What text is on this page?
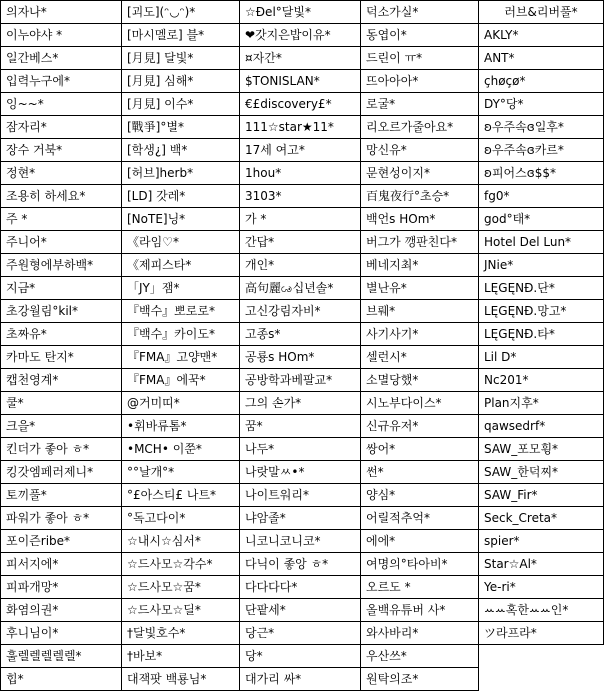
의자나*	[괴도](ᵔ◡ᵔ)*	☆Ðel°달빛*	덕소가실*	러브&리버풀*
이누야샤 *	[마시멜로] 블*	❤갓지은밥이유*	동엽이*	AKLY*
일간베스*	[月見] 달빛*	¤자간*	드린이 ㅠ*	ANT*
입력누구에*	[月見] 심해*	$TONISLAN*	뜨아아아*	çhøçø*
잉~~*	[月見] 이수*	€£discovery£*	로굴*	DY°당*
잠자리*	[戰爭]°별*	111☆star★11*	리오르가줄아요*	ʚ우주속ɞ일후*
장수 거북*	[학생¿] 백*	17세 여고*	망신유*	ʚ우주속ɞ카르*
정현*	[허브]herb*	1hou*	문현성이지*	ʚ피어스ɞ$$*
조용히 하세요*	[LD] 갓레*	3103*	百鬼夜行°초승*	fg0*
주 *	[NoTE]닝*	가 *	백언s HOm*	god°태*
주니어*	《라임♡*	간답*	버그가 깽판친다*	Hotel Del Lun*
주원형에부하백*	《제피스타*	개인*	베네지최*	JNie*
지금*	「JY」잼*	高句麗ꧬ십년솔*	별난유*	LĘGĘNĐ.단*
초강월림°kil*	『백수』뽀로로*	고신강림자비*	브뤠*	LĘGĘNĐ.망고*
초짜유*	『백수』카이도*	고종s*	사기사기*	LĘGĘNĐ.타*
카마도 탄지*	『FMA』고양맨*	공룡s HOm*	셀런시*	Lil D*
캡천영계*	『FMA』에꾹*	공방학과베팔교*	소멸당했*	Nc201*
쿨*	@거미띠*	그의 손가*	시노부다이스*	Plan지후*
크을*	•휘바류톰*	꿈*	신규유저*	qawsedrf*
킨더가 좋아 ㅎ*	•MCH• 이쭌*	나두*	쌍어*	SAW_포모휭*
킹갓엠페러제니*	°°날개°*	나랏말ㅆ•*	썬*	SAW_한덕찌*
토끼풀*	°£아스티£ 나트*	나이트워리*	양심*	SAW_Fir*
파워가 좋아 ㅎ*	°독고다이*	냐암졸*	어릴적추억*	Seck_Creta*
포이즌ribe*	☆내시☆심서*	니코니코니코*	에에*	spier*
피서지에*	☆드사모☆각수*	다닉이 좋앙 ㅎ*	여명의°타아비*	Star☆Al*
피파개망*	☆드사모☆꿈*	다다다다*	오르도 *	Ye-ri*
화염의권*	☆드사모☆딜*	단팥세*	올백유튜버 사*	ꕀꕀ혹한ꕀꕀ인*
후니님이*	†달빛호수*	당근*	와사바리*	ツ라프라*
훌렐렐렐렐렐*	†바보*	당*	우산쓰*	
힙*	대잭팟 백룡님*	대가리 싸*	원탁의조*	
